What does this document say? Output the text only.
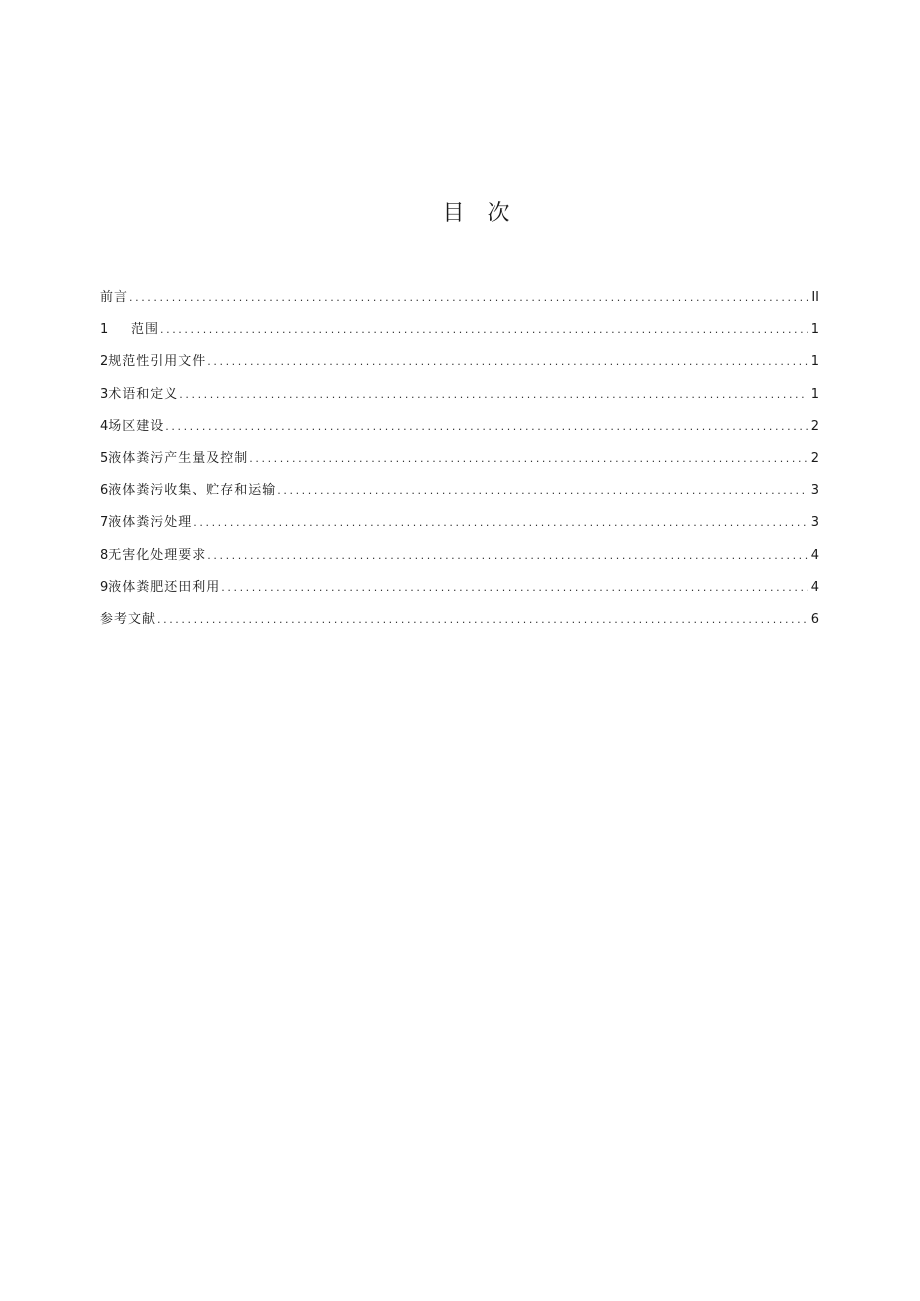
目 次
前言 .....	II
1	范围 .....	1
2 规范性引用文件 .....	1
3 术语和定义 .....	1
4 场区建设 .....	2
5 液体粪污产生量及控制 .....	2
6 液体粪污收集、贮存和运输 .....	3
7 液体粪污处理 .....	3
8 无害化处理要求 .....	4
9 液体粪肥还田利用 .....	4
参考文献 .....	6
